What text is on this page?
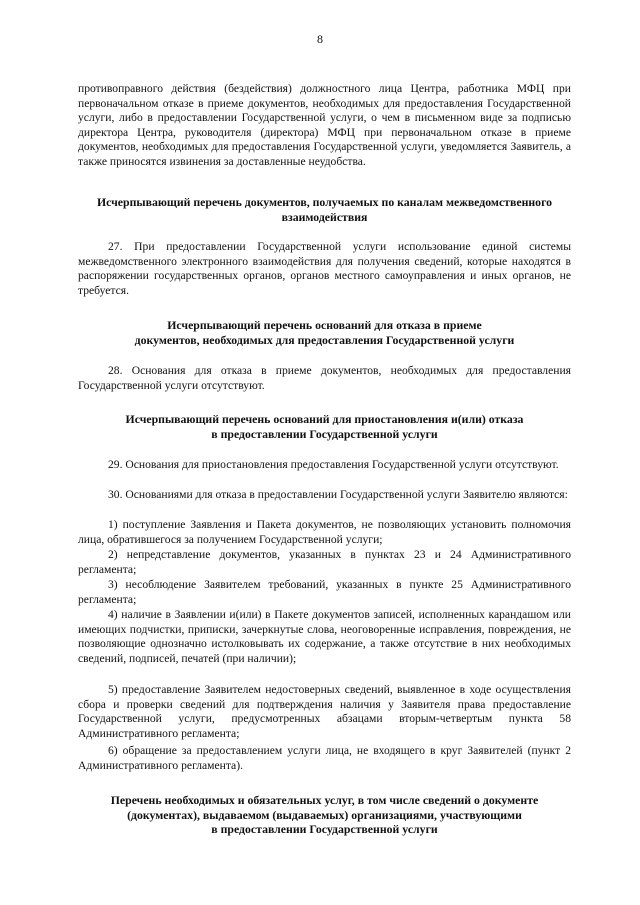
8

противоправного действия (бездействия) должностного лица Центра, работника МФЦ при первоначальном отказе в приеме документов, необходимых для предоставления Государственной услуги, либо в предоставлении Государственной услуги, о чем в письменном виде за подписью директора Центра, руководителя (директора) МФЦ при первоначальном отказе в приеме документов, необходимых для предоставления Государственной услуги, уведомляется Заявитель, а также приносятся извинения за доставленные неудобства.

Исчерпывающий перечень документов, получаемых по каналам межведомственного
взаимодействия

27. При предоставлении Государственной услуги использование единой системы межведомственного электронного взаимодействия для получения сведений, которые находятся в распоряжении государственных органов, органов местного самоуправления и иных органов, не требуется.

Исчерпывающий перечень оснований для отказа в приеме
документов, необходимых для предоставления Государственной услуги

28. Основания для отказа в приеме документов, необходимых для предоставления Государственной услуги отсутствуют.

Исчерпывающий перечень оснований для приостановления и(или) отказа
в предоставлении Государственной услуги

29. Основания для приостановления предоставления Государственной услуги отсутствуют.

30. Основаниями для отказа в предоставлении Государственной услуги Заявителю являются:

1) поступление Заявления и Пакета документов, не позволяющих установить полномочия лица, обратившегося за получением Государственной услуги;

2) непредставление документов, указанных в пунктах 23 и 24 Административного регламента;

3) несоблюдение Заявителем требований, указанных в пункте 25 Административного регламента;

4) наличие в Заявлении и(или) в Пакете документов записей, исполненных карандашом или имеющих подчистки, приписки, зачеркнутые слова, неоговоренные исправления, повреждения, не позволяющие однозначно истолковывать их содержание, а также отсутствие в них необходимых сведений, подписей, печатей (при наличии);

5) предоставление Заявителем недостоверных сведений, выявленное в ходе осуществления сбора и проверки сведений для подтверждения наличия у Заявителя права предоставление Государственной услуги, предусмотренных абзацами вторым-четвертым пункта 58 Административного регламента;

6) обращение за предоставлением услуги лица, не входящего в круг Заявителей (пункт 2 Административного регламента).

Перечень необходимых и обязательных услуг, в том числе сведений о документе
(документах), выдаваемом (выдаваемых) организациями, участвующими
в предоставлении Государственной услуги
